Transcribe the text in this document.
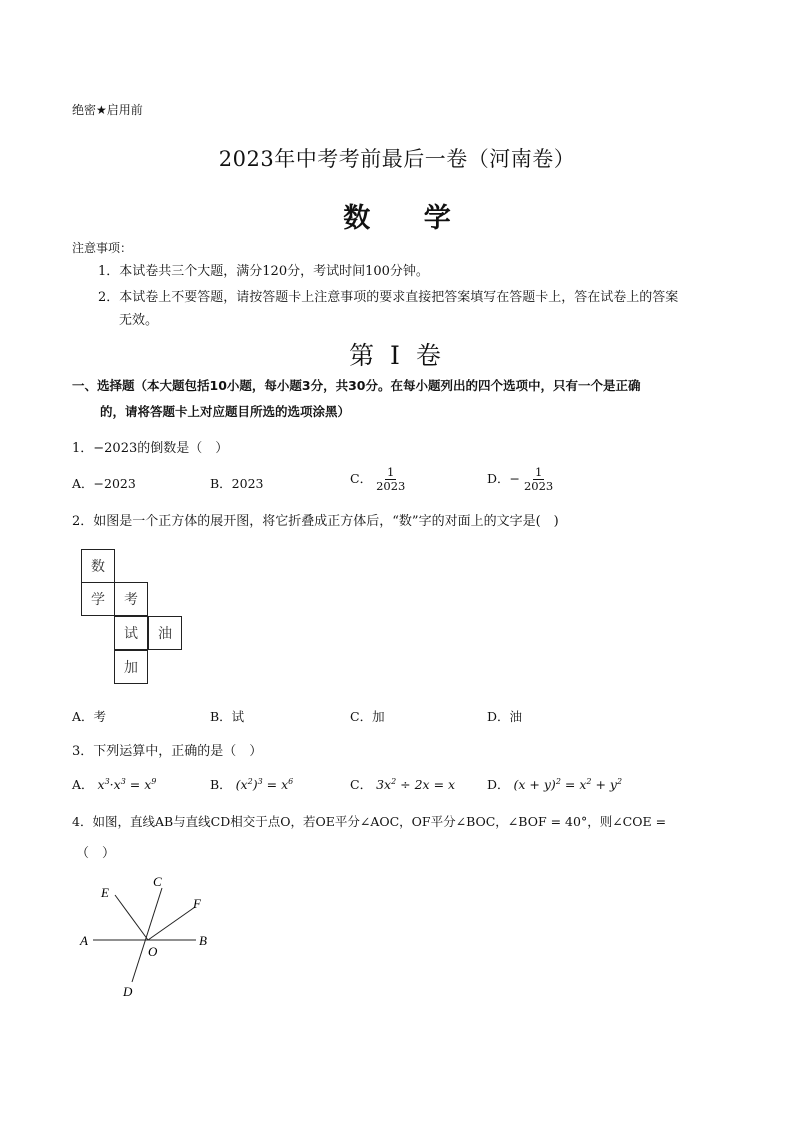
绝密★启用前
2023年中考考前最后一卷（河南卷）
数 学
注意事项：
1．本试卷共三个大题，满分120分，考试时间100分钟。
2．本试卷上不要答题，请按答题卡上注意事项的要求直接把答案填写在答题卡上，答在试卷上的答案
无效。
第 I 卷
一、选择题（本大题包括10小题，每小题3分，共30分。在每小题列出的四个选项中，只有一个是正确
的，请将答题卡上对应题目所选的选项涂黑）
1．−2023的倒数是（　）
A．−2023	B．2023	C． $\frac{1}{2023}$	D．− $\frac{1}{2023}$
2．如图是一个正方体的展开图，将它折叠成正方体后，“数”字的对面上的文字是(　)
数
学	考
试	油
加
A．考	B．试	C．加	D．油
3．下列运算中，正确的是（　）
A． $x^3\cdot x^3 = x^9$	B． $(x^2)^3 = x^6$	C． $3x^2 \div 2x = x$	D． $(x + y)^2 = x^2 + y^2$
4．如图，直线AB与直线CD相交于点O，若OE平分∠AOC，OF平分∠BOC，∠BOF = 40°，则∠COE =
（　）
A	B
C
D
E
F
O
